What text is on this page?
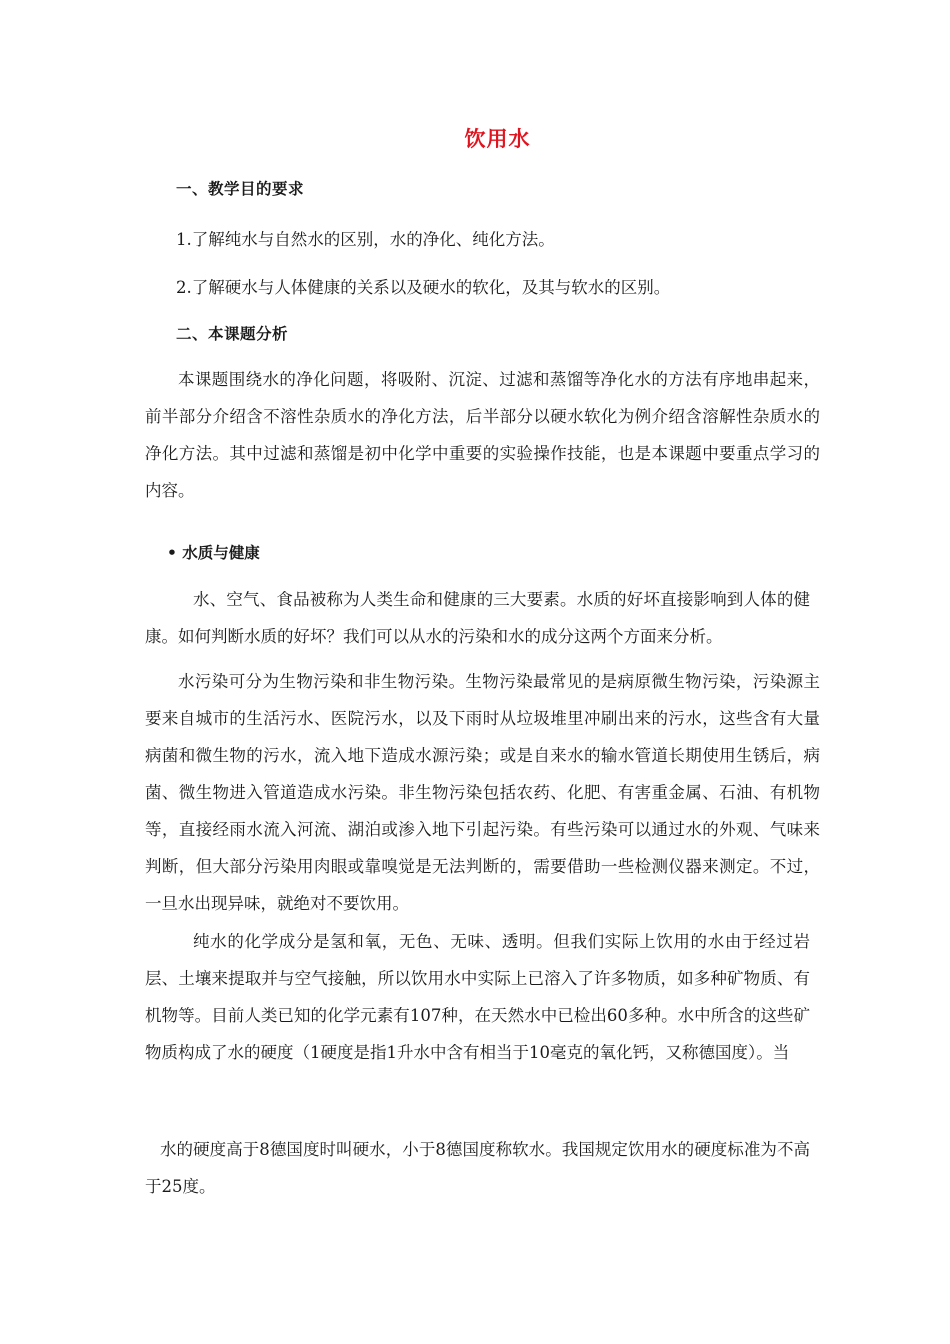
饮用水
一、教学目的要求
1.了解纯水与自然水的区别，水的净化、纯化方法。
2.了解硬水与人体健康的关系以及硬水的软化，及其与软水的区别。
二、本课题分析
本课题围绕水的净化问题，将吸附、沉淀、过滤和蒸馏等净化水的方法有序地串起来，前半部分介绍含不溶性杂质水的净化方法，后半部分以硬水软化为例介绍含溶解性杂质水的净化方法。其中过滤和蒸馏是初中化学中重要的实验操作技能，也是本课题中要重点学习的内容。
• 水质与健康
水、空气、食品被称为人类生命和健康的三大要素。水质的好坏直接影响到人体的健康。如何判断水质的好坏？我们可以从水的污染和水的成分这两个方面来分析。
水污染可分为生物污染和非生物污染。生物污染最常见的是病原微生物污染，污染源主要来自城市的生活污水、医院污水，以及下雨时从垃圾堆里冲刷出来的污水，这些含有大量病菌和微生物的污水，流入地下造成水源污染；或是自来水的输水管道长期使用生锈后，病菌、微生物进入管道造成水污染。非生物污染包括农药、化肥、有害重金属、石油、有机物等，直接经雨水流入河流、湖泊或渗入地下引起污染。有些污染可以通过水的外观、气味来判断，但大部分污染用肉眼或靠嗅觉是无法判断的，需要借助一些检测仪器来测定。不过，一旦水出现异味，就绝对不要饮用。
纯水的化学成分是氢和氧，无色、无味、透明。但我们实际上饮用的水由于经过岩层、土壤来提取并与空气接触，所以饮用水中实际上已溶入了许多物质，如多种矿物质、有机物等。目前人类已知的化学元素有107种，在天然水中已检出60多种。水中所含的这些矿物质构成了水的硬度（1硬度是指1升水中含有相当于10毫克的氧化钙，又称德国度）。当
水的硬度高于8德国度时叫硬水，小于8德国度称软水。我国规定饮用水的硬度标准为不高于25度。
